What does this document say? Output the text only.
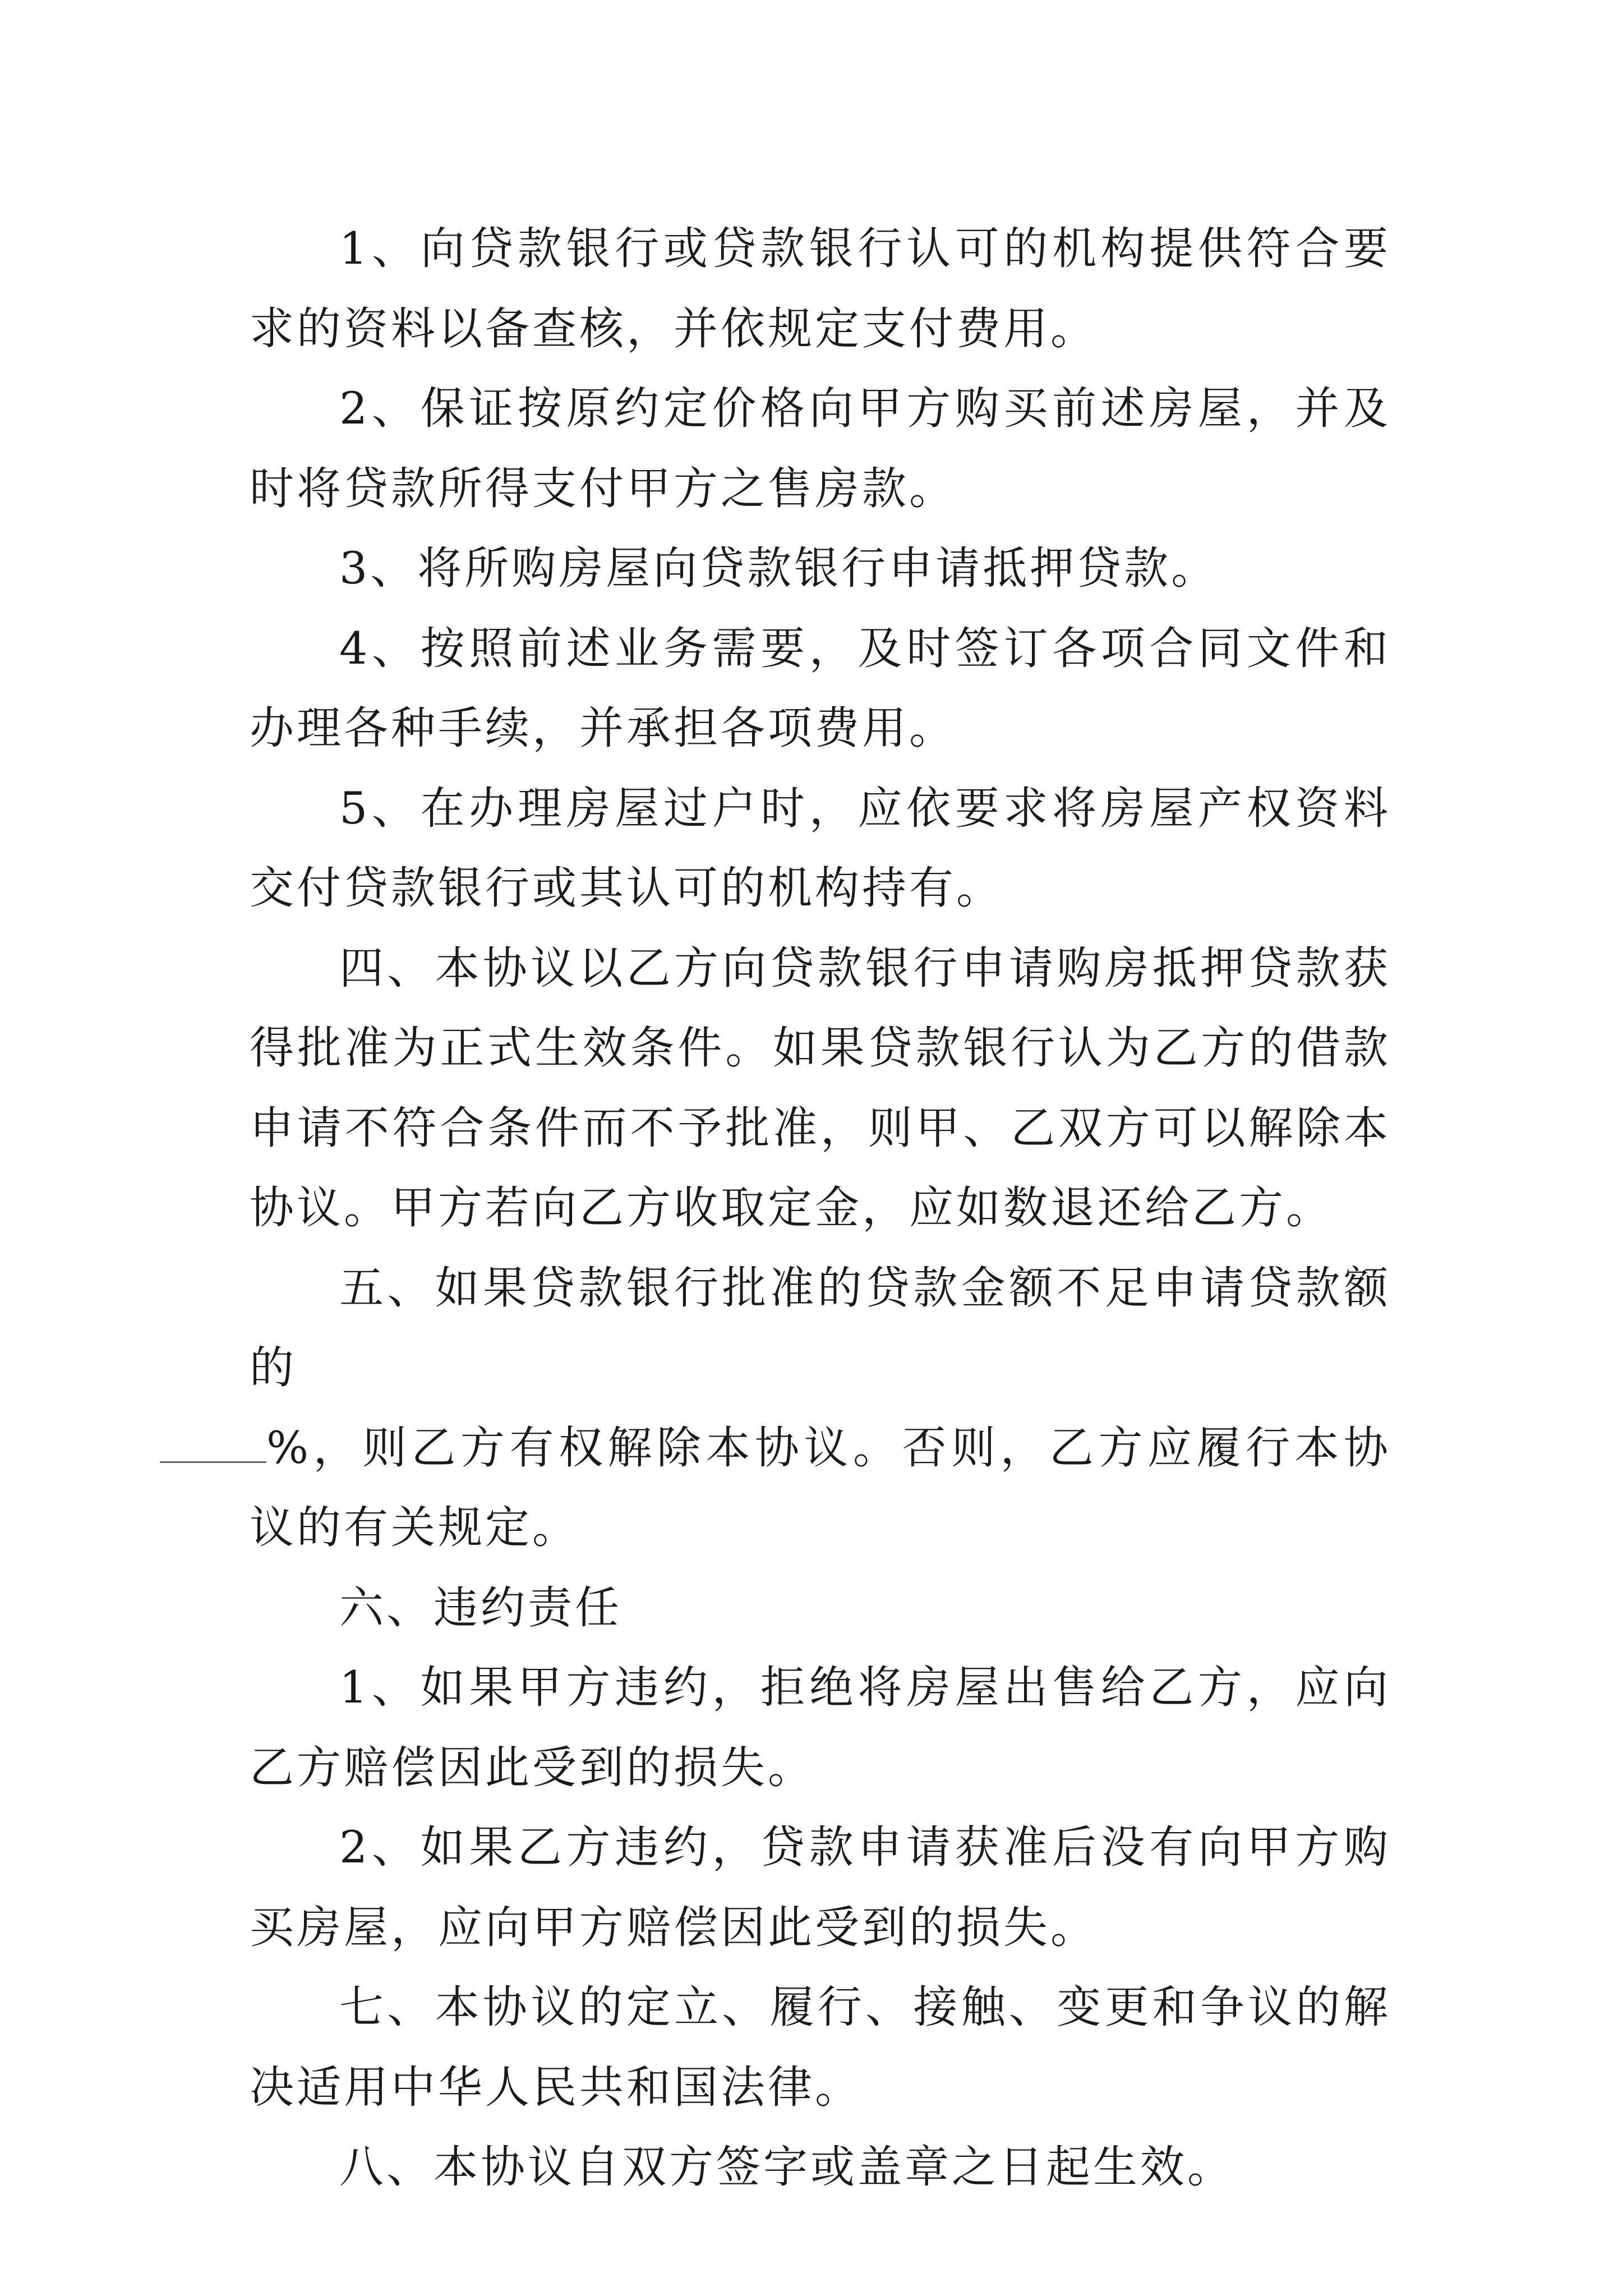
1、向贷款银行或贷款银行认可的机构提供符合要求的资料以备查核，并依规定支付费用。

2、保证按原约定价格向甲方购买前述房屋，并及时将贷款所得支付甲方之售房款。

3、将所购房屋向贷款银行申请抵押贷款。

4、按照前述业务需要，及时签订各项合同文件和办理各种手续，并承担各项费用。

5、在办理房屋过户时，应依要求将房屋产权资料交付贷款银行或其认可的机构持有。

四、本协议以乙方向贷款银行申请购房抵押贷款获得批准为正式生效条件。如果贷款银行认为乙方的借款申请不符合条件而不予批准，则甲、乙双方可以解除本协议。甲方若向乙方收取定金，应如数退还给乙方。

五、如果贷款银行批准的贷款金额不足申请贷款额的
%，则乙方有权解除本协议。否则，乙方应履行本协议的有关规定。

六、违约责任

1、如果甲方违约，拒绝将房屋出售给乙方，应向乙方赔偿因此受到的损失。

2、如果乙方违约，贷款申请获准后没有向甲方购买房屋，应向甲方赔偿因此受到的损失。

七、本协议的定立、履行、接触、变更和争议的解决适用中华人民共和国法律。

八、本协议自双方签字或盖章之日起生效。
